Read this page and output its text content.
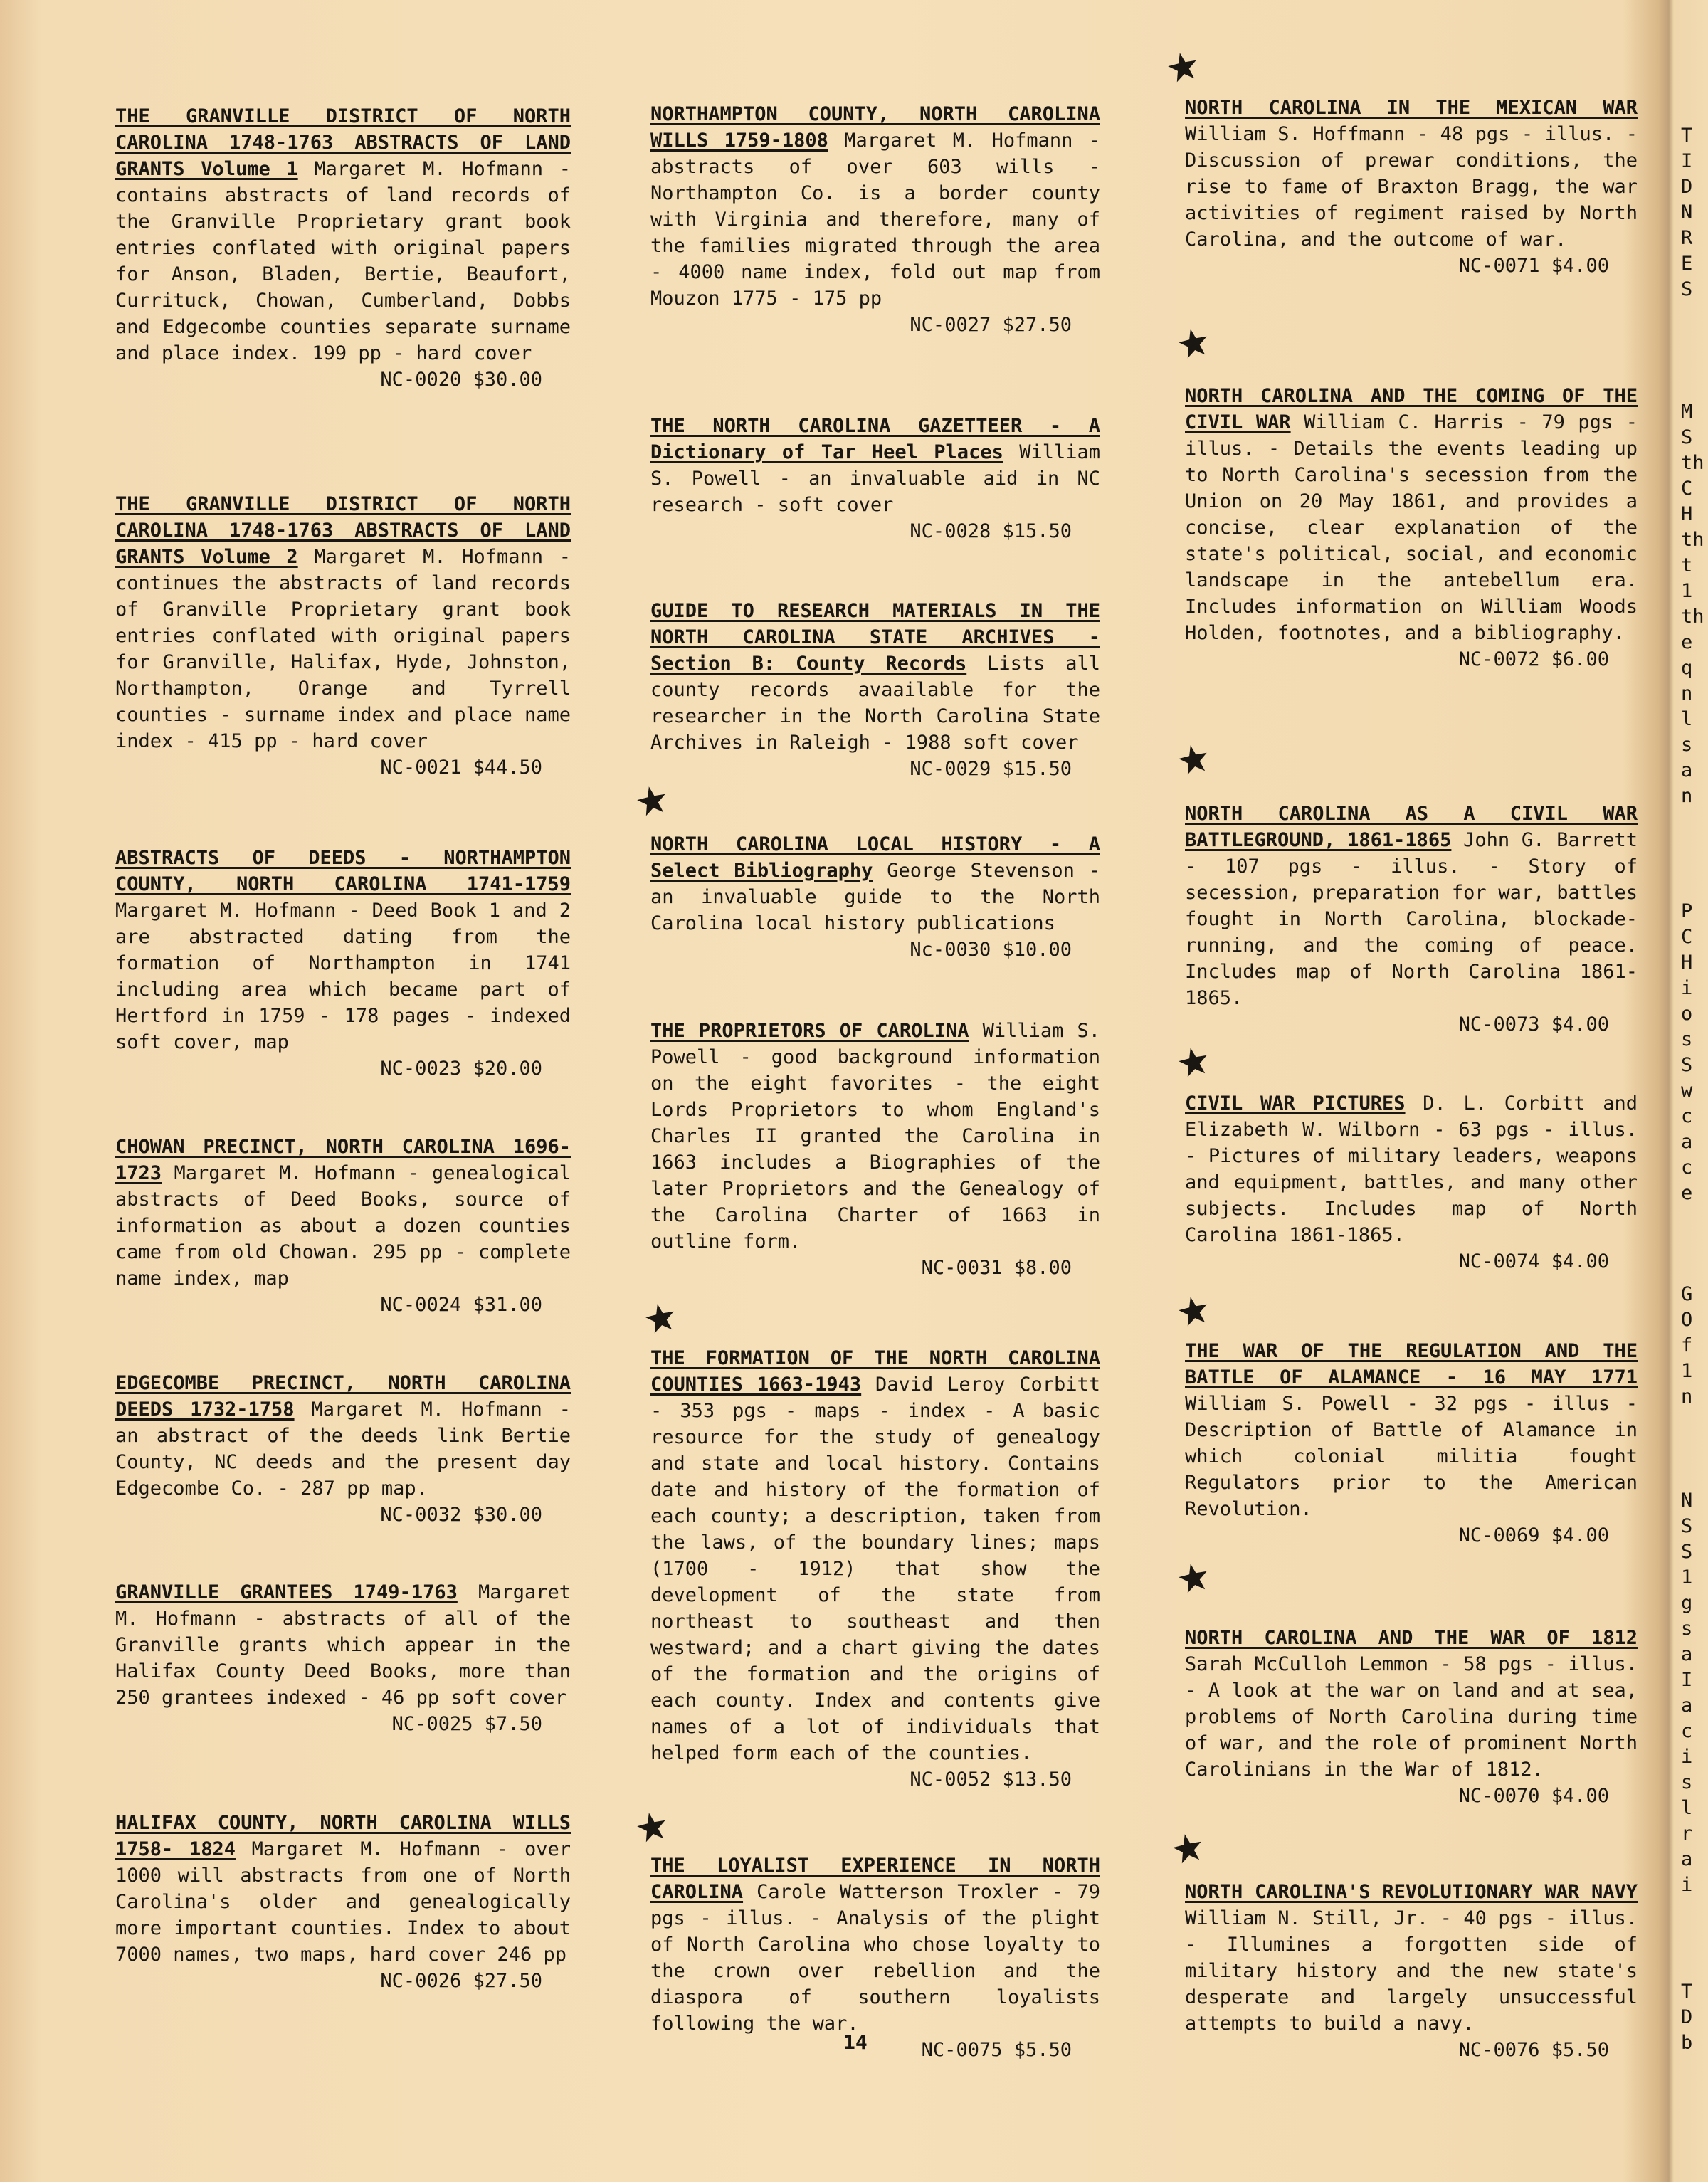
THE GRANVILLE DISTRICT OF NORTH CAROLINA 1748-1763 ABSTRACTS OF LAND GRANTS Volume 1 Margaret M. Hofmann - contains abstracts of land records of the Granville Proprietary grant book entries conflated with original papers for Anson, Bladen, Bertie, Beaufort, Currituck, Chowan, Cumberland, Dobbs and Edgecombe counties separate surname and place index. 199 pp - hard cover
NC-0020 $30.00
THE GRANVILLE DISTRICT OF NORTH CAROLINA 1748-1763 ABSTRACTS OF LAND GRANTS Volume 2 Margaret M. Hofmann - continues the abstracts of land records of Granville Proprietary grant book entries conflated with original papers for Granville, Halifax, Hyde, Johnston, Northampton, Orange and Tyrrell counties - surname index and place name index - 415 pp - hard cover
NC-0021 $44.50
ABSTRACTS OF DEEDS - NORTHAMPTON COUNTY, NORTH CAROLINA 1741-1759 Margaret M. Hofmann - Deed Book 1 and 2 are abstracted dating from the formation of Northampton in 1741 including area which became part of Hertford in 1759 - 178 pages - indexed soft cover, map
NC-0023 $20.00
CHOWAN PRECINCT, NORTH CAROLINA 1696-1723 Margaret M. Hofmann - genealogical abstracts of Deed Books, source of information as about a dozen counties came from old Chowan. 295 pp - complete name index, map
NC-0024 $31.00
EDGECOMBE PRECINCT, NORTH CAROLINA DEEDS 1732-1758 Margaret M. Hofmann - an abstract of the deeds link Bertie County, NC deeds and the present day Edgecombe Co. - 287 pp map.
NC-0032 $30.00
GRANVILLE GRANTEES 1749-1763 Margaret M. Hofmann - abstracts of all of the Granville grants which appear in the Halifax County Deed Books, more than 250 grantees indexed - 46 pp soft cover
NC-0025 $7.50
HALIFAX COUNTY, NORTH CAROLINA WILLS 1758- 1824 Margaret M. Hofmann - over 1000 will abstracts from one of North Carolina's older and genealogically more important counties. Index to about 7000 names, two maps, hard cover 246 pp
NC-0026 $27.50
NORTHAMPTON COUNTY, NORTH CAROLINA WILLS 1759-1808 Margaret M. Hofmann - abstracts of over 603 wills - Northampton Co. is a border county with Virginia and therefore, many of the families migrated through the area - 4000 name index, fold out map from Mouzon 1775 - 175 pp
NC-0027 $27.50
THE NORTH CAROLINA GAZETTEER - A Dictionary of Tar Heel Places William S. Powell - an invaluable aid in NC research - soft cover
NC-0028 $15.50
GUIDE TO RESEARCH MATERIALS IN THE NORTH CAROLINA STATE ARCHIVES - Section B: County Records Lists all county records avaailable for the researcher in the North Carolina State Archives in Raleigh - 1988 soft cover
NC-0029 $15.50
NORTH CAROLINA LOCAL HISTORY - A Select Bibliography George Stevenson - an invaluable guide to the North Carolina local history publications
Nc-0030 $10.00
THE PROPRIETORS OF CAROLINA William S. Powell - good background information on the eight favorites - the eight Lords Proprietors to whom England's Charles II granted the Carolina in 1663 includes a Biographies of the later Proprietors and the Genealogy of the Carolina Charter of 1663 in outline form.
NC-0031 $8.00
THE FORMATION OF THE NORTH CAROLINA COUNTIES 1663-1943 David Leroy Corbitt - 353 pgs - maps - index - A basic resource for the study of genealogy and state and local history. Contains date and history of the formation of each county; a description, taken from the laws, of the boundary lines; maps (1700 - 1912) that show the development of the state from northeast to southeast and then westward; and a chart giving the dates of the formation and the origins of each county. Index and contents give names of a lot of individuals that helped form each of the counties.
NC-0052 $13.50
THE LOYALIST EXPERIENCE IN NORTH CAROLINA Carole Watterson Troxler - 79 pgs - illus. - Analysis of the plight of North Carolina who chose loyalty to the crown over rebellion and the diaspora of southern loyalists following the war.
NC-0075 $5.50
NORTH CAROLINA IN THE MEXICAN WAR William S. Hoffmann - 48 pgs - illus. - Discussion of prewar conditions, the rise to fame of Braxton Bragg, the war activities of regiment raised by North Carolina, and the outcome of war.
NC-0071 $4.00
NORTH CAROLINA AND THE COMING OF THE CIVIL WAR William C. Harris - 79 pgs - illus. - Details the events leading up to North Carolina's secession from the Union on 20 May 1861, and provides a concise, clear explanation of the state's political, social, and economic landscape in the antebellum era. Includes information on William Woods Holden, footnotes, and a bibliography.
NC-0072 $6.00
NORTH CAROLINA AS A CIVIL WAR BATTLEGROUND, 1861-1865 John G. Barrett - 107 pgs - illus. - Story of secession, preparation for war, battles fought in North Carolina, blockade-running, and the coming of peace. Includes map of North Carolina 1861-1865.
NC-0073 $4.00
CIVIL WAR PICTURES D. L. Corbitt and Elizabeth W. Wilborn - 63 pgs - illus. - Pictures of military leaders, weapons and equipment, battles, and many other subjects. Includes map of North Carolina 1861-1865.
NC-0074 $4.00
THE WAR OF THE REGULATION AND THE BATTLE OF ALAMANCE - 16 MAY 1771 William S. Powell - 32 pgs - illus - Description of Battle of Alamance in which colonial militia fought Regulators prior to the American Revolution.
NC-0069 $4.00
NORTH CAROLINA AND THE WAR OF 1812 Sarah McCulloh Lemmon - 58 pgs - illus. - A look at the war on land and at sea, problems of North Carolina during time of war, and the role of prominent North Carolinians in the War of 1812.
NC-0070 $4.00
NORTH CAROLINA'S REVOLUTIONARY WAR NAVY William N. Still, Jr. - 40 pgs - illus. - Illumines a forgotten side of military history and the new state's desperate and largely unsuccessful attempts to build a navy.
NC-0076 $5.50
T
I
D
N
R
E
S
M
S
th
C
H
th
t
1
th
e
q
n
l
s
a
n
P
C
H
i
o
s
S
w
c
a
c
e
G
O
f
1
n
N
S
S
1
g
s
a
I
a
c
i
s
l
r
a
i
T
D
b
14
